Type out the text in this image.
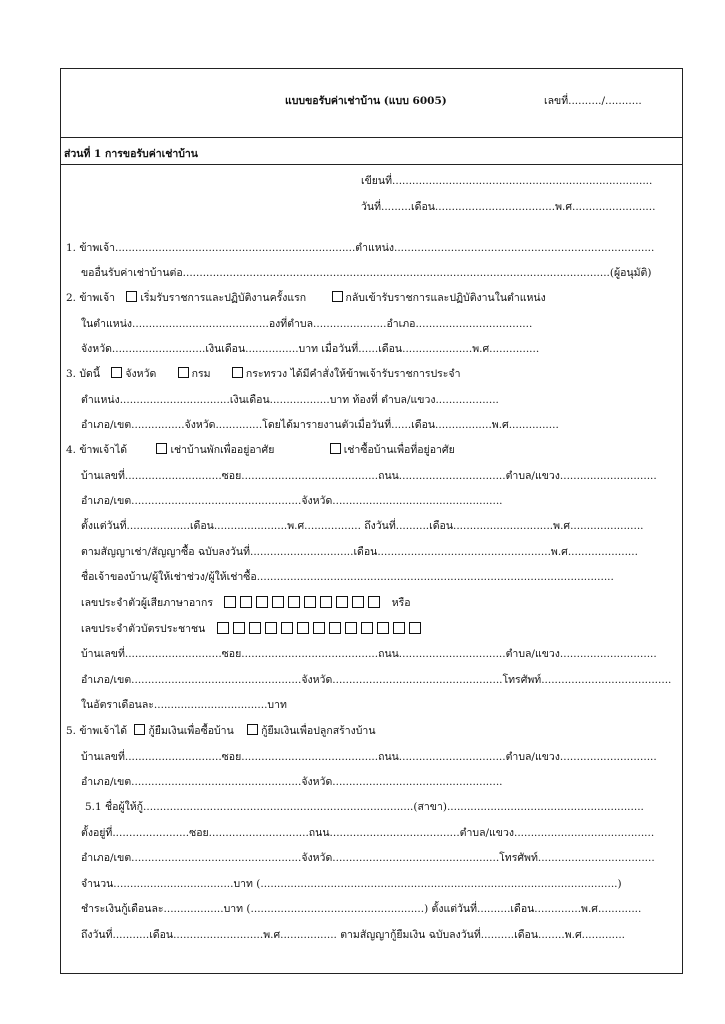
แบบขอรับค่าเช่าบ้าน (แบบ 6005)	เลขที่........../...........
ส่วนที่ 1 การขอรับค่าเช่าบ้าน
เขียนที่..............................................................................
วันที่.........เดือน....................................พ.ศ.........................
1. ข้าพเจ้า........................................................................ตำแหน่ง..............................................................................
ขออื่นรับค่าเช่าบ้านต่อ................................................................................................................................(ผู้อนุมัติ)
2. ข้าพเจ้า เริ่มรับราชการและปฏิบัติงานครั้งแรก	กลับเข้ารับราชการและปฏิบัติงานในตำแหน่ง
ในตำแหน่ง.........................................องที่ตำบล......................อำเภอ...................................
จังหวัด............................เงินเดือน................บาท เมื่อวันที่......เดือน.....................พ.ศ...............
3. บัดนี้ จังหวัด	กรม	กระทรวง ได้มีคำสั่งให้ข้าพเจ้ารับราชการประจำ
ตำแหน่ง.................................เงินเดือน..................บาท ท้องที่ ตำบล/แขวง...................
อำเภอ/เขต................จังหวัด..............โดยได้มารายงานตัวเมื่อวันที่......เดือน.................พ.ศ...............
4. ข้าพเจ้าได้	เช่าบ้านพักเพื่ออยู่อาศัย	เช่าซื้อบ้านเพื่อที่อยู่อาศัย
บ้านเลขที่.............................ซอย.........................................ถนน................................ตำบล/แขวง.............................
อำเภอ/เขต...................................................จังหวัด...................................................
ตั้งแต่วันที่...................เดือน......................พ.ศ................. ถึงวันที่..........เดือน..............................พ.ศ......................
ตามสัญญาเช่า/สัญญาซื้อ ฉบับลงวันที่...............................เดือน....................................................พ.ศ.....................
ชื่อเจ้าของบ้าน/ผู้ให้เช่าช่วง/ผู้ให้เช่าซื้อ...........................................................................................................
เลขประจำตัวผู้เสียภาษาอากร	หรือ
เลขประจำตัวบัตรประชาชน
บ้านเลขที่.............................ซอย.........................................ถนน................................ตำบล/แขวง.............................
อำเภอ/เขต...................................................จังหวัด...................................................โทรศัพท์.......................................
ในอัตราเดือนละ..................................บาท
5. ข้าพเจ้าได้ กู้ยืมเงินเพื่อซื้อบ้าน	กู้ยืมเงินเพื่อปลูกสร้างบ้าน
บ้านเลขที่.............................ซอย.........................................ถนน................................ตำบล/แขวง.............................
อำเภอ/เขต...................................................จังหวัด...................................................
5.1 ชื่อผู้ให้กู้.................................................................................(สาขา)...........................................................
ตั้งอยู่ที่.......................ซอย..............................ถนน.......................................ตำบล/แขวง..........................................
อำเภอ/เขต...................................................จังหวัด..................................................โทรศัพท์...................................
จำนวน....................................บาท (...........................................................................................................)
ชำระเงินกู้เดือนละ..................บาท (....................................................) ตั้งแต่วันที่..........เดือน..............พ.ศ.............
ถึงวันที่...........เดือน...........................พ.ศ................. ตามสัญญากู้ยืมเงิน ฉบับลงวันที่..........เดือน........พ.ศ.............
